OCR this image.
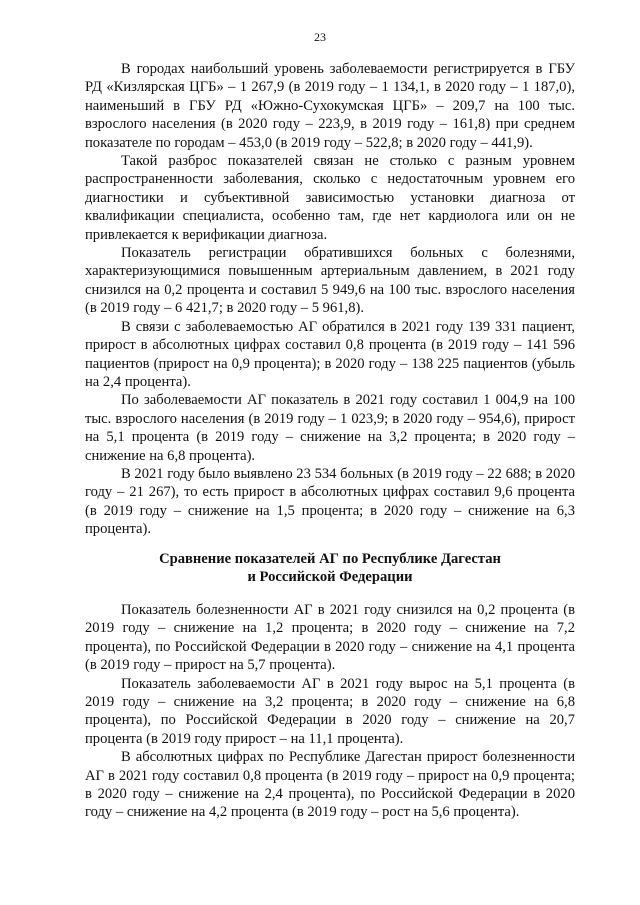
23

В городах наибольший уровень заболеваемости регистрируется в ГБУ РД «Кизлярская ЦГБ» – 1 267,9 (в 2019 году – 1 134,1, в 2020 году – 1 187,0), наименьший в ГБУ РД «Южно-Сухокумская ЦГБ» – 209,7 на 100 тыс. взрослого населения (в 2020 году – 223,9, в 2019 году – 161,8) при среднем показателе по городам – 453,0 (в 2019 году – 522,8; в 2020 году – 441,9).

Такой разброс показателей связан не столько с разным уровнем распространенности заболевания, сколько с недостаточным уровнем его диагностики и субъективной зависимостью установки диагноза от квалификации специалиста, особенно там, где нет кардиолога или он не привлекается к верификации диагноза.

Показатель регистрации обратившихся больных с болезнями, характеризующимися повышенным артериальным давлением, в 2021 году снизился на 0,2 процента и составил 5 949,6 на 100 тыс. взрослого населения (в 2019 году – 6 421,7; в 2020 году – 5 961,8).

В связи с заболеваемостью АГ обратился в 2021 году 139 331 пациент, прирост в абсолютных цифрах составил 0,8 процента (в 2019 году – 141 596 пациентов (прирост на 0,9 процента); в 2020 году – 138 225 пациентов (убыль на 2,4 процента).

По заболеваемости АГ показатель в 2021 году составил 1 004,9 на 100 тыс. взрослого населения (в 2019 году – 1 023,9; в 2020 году – 954,6), прирост на 5,1 процента (в 2019 году – снижение на 3,2 процента; в 2020 году – снижение на 6,8 процента).

В 2021 году было выявлено 23 534 больных (в 2019 году – 22 688; в 2020 году – 21 267), то есть прирост в абсолютных цифрах составил 9,6 процента (в 2019 году – снижение на 1,5 процента; в 2020 году – снижение на 6,3 процента).

Сравнение показателей АГ по Республике Дагестан
и Российской Федерации

Показатель болезненности АГ в 2021 году снизился на 0,2 процента (в 2019 году – снижение на 1,2 процента; в 2020 году – снижение на 7,2 процента), по Российской Федерации в 2020 году – снижение на 4,1 процента (в 2019 году – прирост на 5,7 процента).

Показатель заболеваемости АГ в 2021 году вырос на 5,1 процента (в 2019 году – снижение на 3,2 процента; в 2020 году – снижение на 6,8 процента), по Российской Федерации в 2020 году – снижение на 20,7 процента (в 2019 году прирост – на 11,1 процента).

В абсолютных цифрах по Республике Дагестан прирост болезненности АГ в 2021 году составил 0,8 процента (в 2019 году – прирост на 0,9 процента; в 2020 году – снижение на 2,4 процента), по Российской Федерации в 2020 году – снижение на 4,2 процента (в 2019 году – рост на 5,6 процента).
